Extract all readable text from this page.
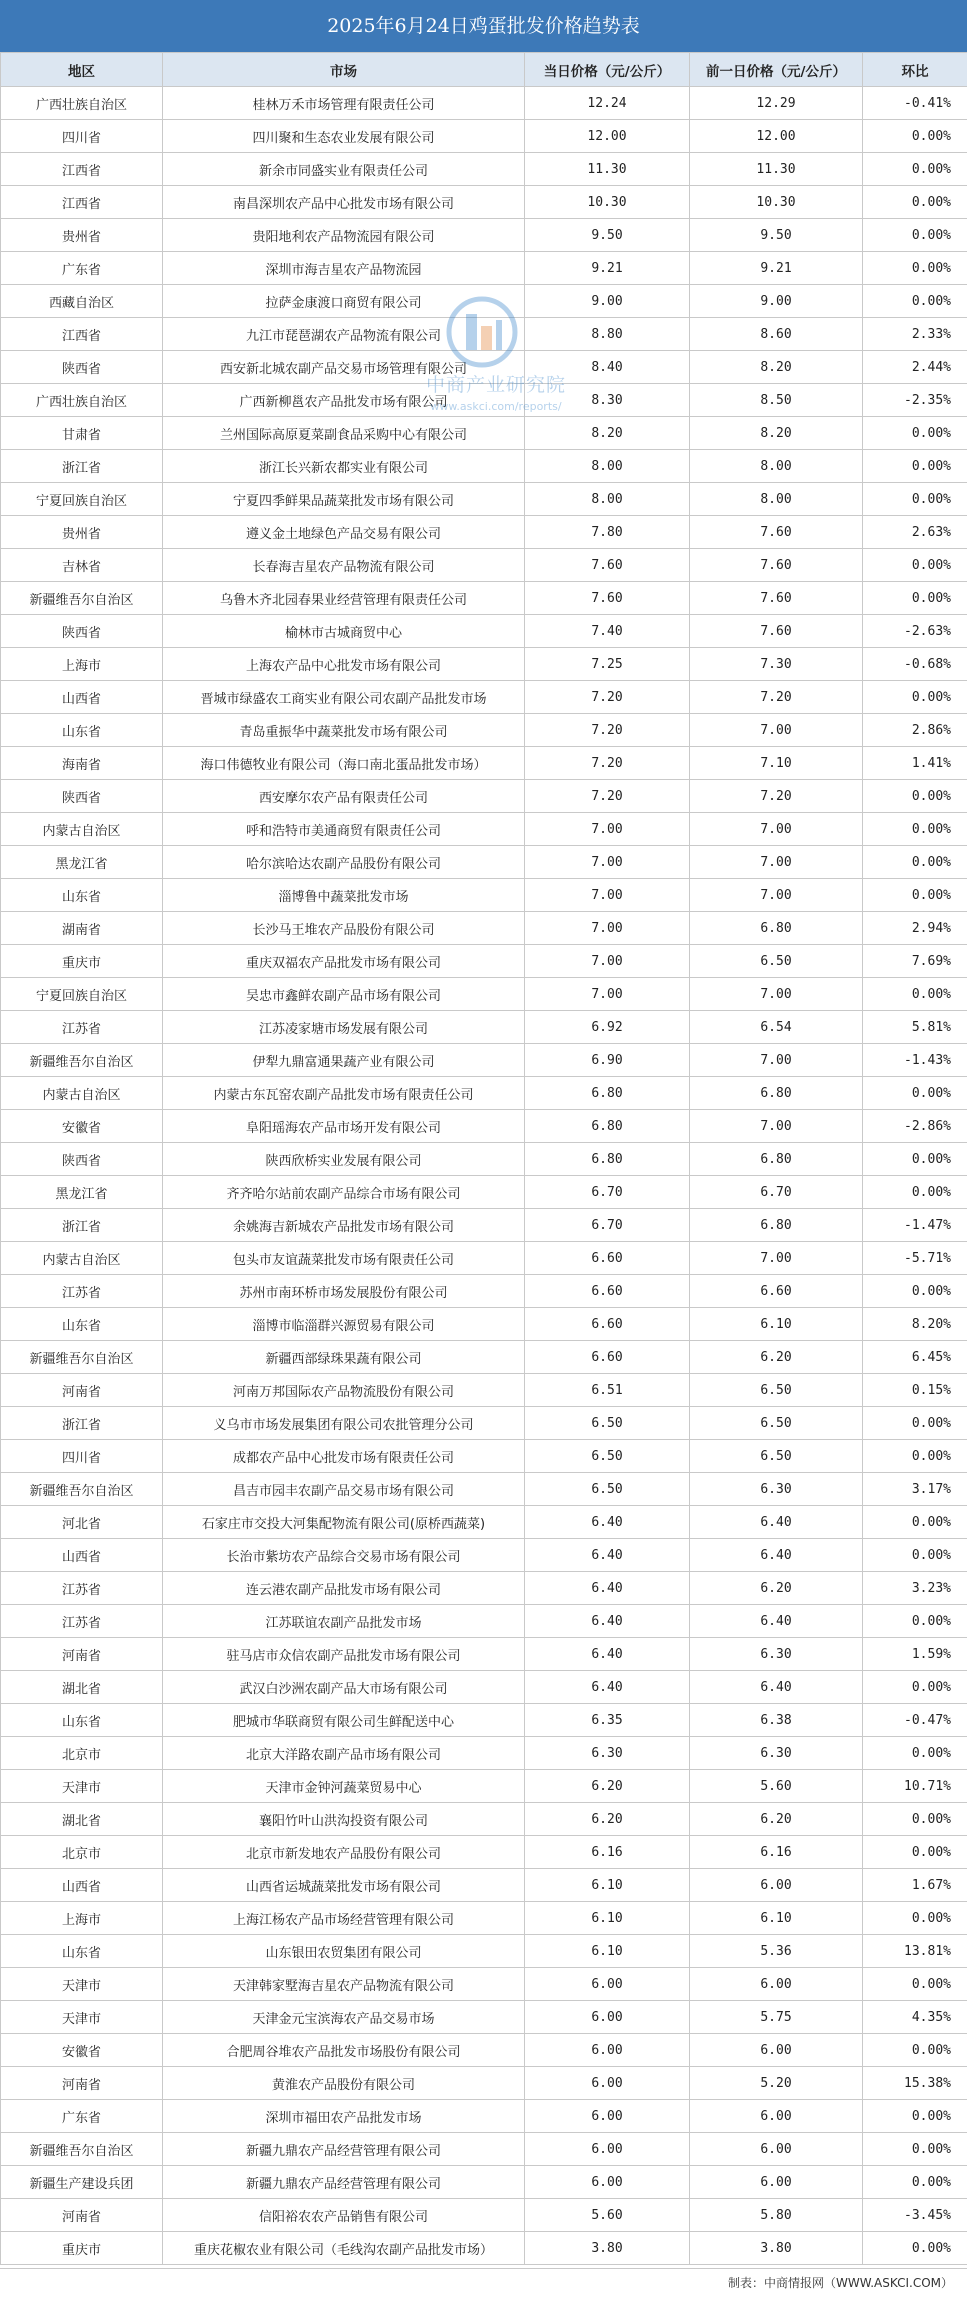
2025年6月24日鸡蛋批发价格趋势表
地区	市场	当日价格（元/公斤）	前一日价格（元/公斤）	环比
广西壮族自治区	桂林万禾市场管理有限责任公司	12.24	12.29	-0.41%
四川省	四川聚和生态农业发展有限公司	12.00	12.00	0.00%
江西省	新余市同盛实业有限责任公司	11.30	11.30	0.00%
江西省	南昌深圳农产品中心批发市场有限公司	10.30	10.30	0.00%
贵州省	贵阳地利农产品物流园有限公司	9.50	9.50	0.00%
广东省	深圳市海吉星农产品物流园	9.21	9.21	0.00%
西藏自治区	拉萨金康渡口商贸有限公司	9.00	9.00	0.00%
江西省	九江市琵琶湖农产品物流有限公司	8.80	8.60	2.33%
陕西省	西安新北城农副产品交易市场管理有限公司	8.40	8.20	2.44%
广西壮族自治区	广西新柳邕农产品批发市场有限公司	8.30	8.50	-2.35%
甘肃省	兰州国际高原夏菜副食品采购中心有限公司	8.20	8.20	0.00%
浙江省	浙江长兴新农都实业有限公司	8.00	8.00	0.00%
宁夏回族自治区	宁夏四季鲜果品蔬菜批发市场有限公司	8.00	8.00	0.00%
贵州省	遵义金土地绿色产品交易有限公司	7.80	7.60	2.63%
吉林省	长春海吉星农产品物流有限公司	7.60	7.60	0.00%
新疆维吾尔自治区	乌鲁木齐北园春果业经营管理有限责任公司	7.60	7.60	0.00%
陕西省	榆林市古城商贸中心	7.40	7.60	-2.63%
上海市	上海农产品中心批发市场有限公司	7.25	7.30	-0.68%
山西省	晋城市绿盛农工商实业有限公司农副产品批发市场	7.20	7.20	0.00%
山东省	青岛重振华中蔬菜批发市场有限公司	7.20	7.00	2.86%
海南省	海口伟德牧业有限公司（海口南北蛋品批发市场）	7.20	7.10	1.41%
陕西省	西安摩尔农产品有限责任公司	7.20	7.20	0.00%
内蒙古自治区	呼和浩特市美通商贸有限责任公司	7.00	7.00	0.00%
黑龙江省	哈尔滨哈达农副产品股份有限公司	7.00	7.00	0.00%
山东省	淄博鲁中蔬菜批发市场	7.00	7.00	0.00%
湖南省	长沙马王堆农产品股份有限公司	7.00	6.80	2.94%
重庆市	重庆双福农产品批发市场有限公司	7.00	6.50	7.69%
宁夏回族自治区	吴忠市鑫鲜农副产品市场有限公司	7.00	7.00	0.00%
江苏省	江苏凌家塘市场发展有限公司	6.92	6.54	5.81%
新疆维吾尔自治区	伊犁九鼎富通果蔬产业有限公司	6.90	7.00	-1.43%
内蒙古自治区	内蒙古东瓦窑农副产品批发市场有限责任公司	6.80	6.80	0.00%
安徽省	阜阳瑶海农产品市场开发有限公司	6.80	7.00	-2.86%
陕西省	陕西欣桥实业发展有限公司	6.80	6.80	0.00%
黑龙江省	齐齐哈尔站前农副产品综合市场有限公司	6.70	6.70	0.00%
浙江省	余姚海吉新城农产品批发市场有限公司	6.70	6.80	-1.47%
内蒙古自治区	包头市友谊蔬菜批发市场有限责任公司	6.60	7.00	-5.71%
江苏省	苏州市南环桥市场发展股份有限公司	6.60	6.60	0.00%
山东省	淄博市临淄群兴源贸易有限公司	6.60	6.10	8.20%
新疆维吾尔自治区	新疆西部绿珠果蔬有限公司	6.60	6.20	6.45%
河南省	河南万邦国际农产品物流股份有限公司	6.51	6.50	0.15%
浙江省	义乌市市场发展集团有限公司农批管理分公司	6.50	6.50	0.00%
四川省	成都农产品中心批发市场有限责任公司	6.50	6.50	0.00%
新疆维吾尔自治区	昌吉市园丰农副产品交易市场有限公司	6.50	6.30	3.17%
河北省	石家庄市交投大河集配物流有限公司(原桥西蔬菜)	6.40	6.40	0.00%
山西省	长治市紫坊农产品综合交易市场有限公司	6.40	6.40	0.00%
江苏省	连云港农副产品批发市场有限公司	6.40	6.20	3.23%
江苏省	江苏联谊农副产品批发市场	6.40	6.40	0.00%
河南省	驻马店市众信农副产品批发市场有限公司	6.40	6.30	1.59%
湖北省	武汉白沙洲农副产品大市场有限公司	6.40	6.40	0.00%
山东省	肥城市华联商贸有限公司生鲜配送中心	6.35	6.38	-0.47%
北京市	北京大洋路农副产品市场有限公司	6.30	6.30	0.00%
天津市	天津市金钟河蔬菜贸易中心	6.20	5.60	10.71%
湖北省	襄阳竹叶山洪沟投资有限公司	6.20	6.20	0.00%
北京市	北京市新发地农产品股份有限公司	6.16	6.16	0.00%
山西省	山西省运城蔬菜批发市场有限公司	6.10	6.00	1.67%
上海市	上海江杨农产品市场经营管理有限公司	6.10	6.10	0.00%
山东省	山东银田农贸集团有限公司	6.10	5.36	13.81%
天津市	天津韩家墅海吉星农产品物流有限公司	6.00	6.00	0.00%
天津市	天津金元宝滨海农产品交易市场	6.00	5.75	4.35%
安徽省	合肥周谷堆农产品批发市场股份有限公司	6.00	6.00	0.00%
河南省	黄淮农产品股份有限公司	6.00	5.20	15.38%
广东省	深圳市福田农产品批发市场	6.00	6.00	0.00%
新疆维吾尔自治区	新疆九鼎农产品经营管理有限公司	6.00	6.00	0.00%
新疆生产建设兵团	新疆九鼎农产品经营管理有限公司	6.00	6.00	0.00%
河南省	信阳裕农农产品销售有限公司	5.60	5.80	-3.45%
重庆市	重庆花椒农业有限公司（毛线沟农副产品批发市场）	3.80	3.80	0.00%
中商产业研究院
www.askci.com/reports/
制表：中商情报网（WWW.ASKCI.COM）
